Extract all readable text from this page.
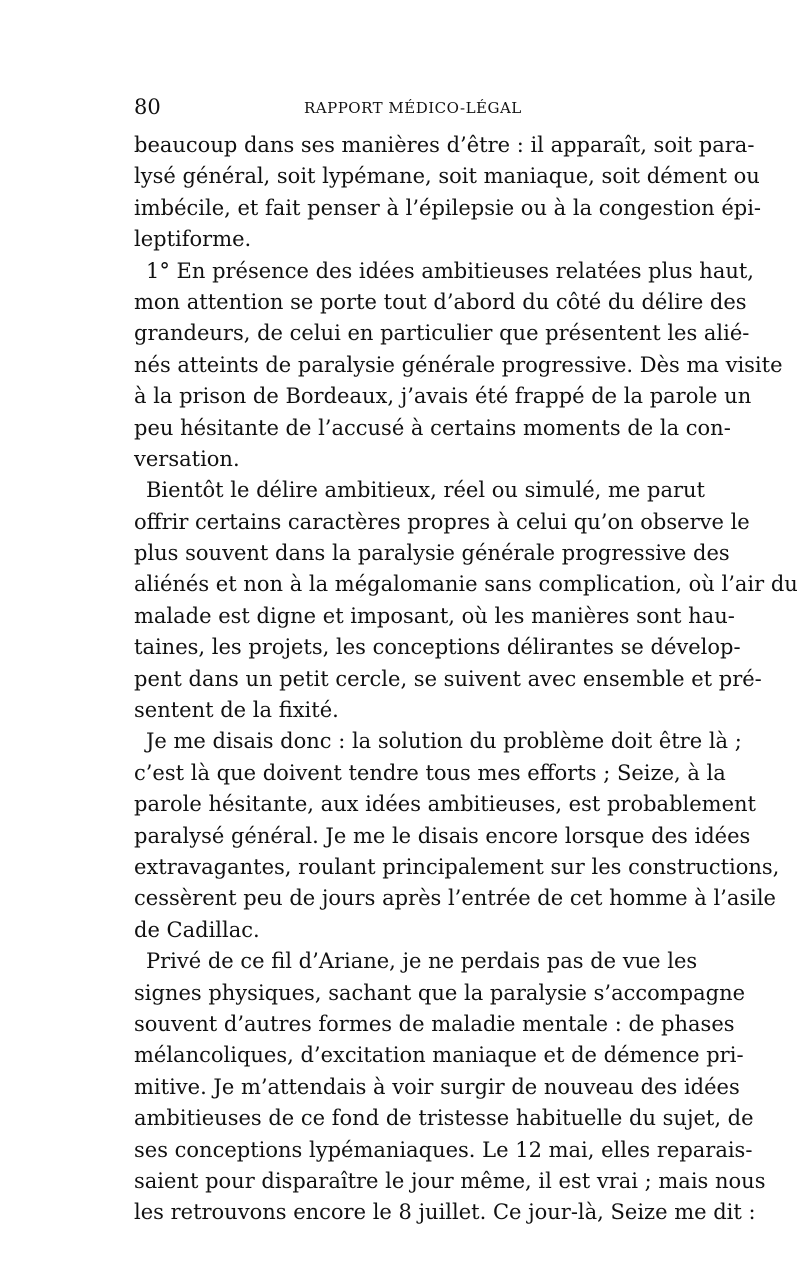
80	RAPPORT MÉDICO-LÉGAL
beaucoup dans ses manières d’être : il apparaît, soit para-
lysé général, soit lypémane, soit maniaque, soit dément ou
imbécile, et fait penser à l’épilepsie ou à la congestion épi-
leptiforme.
1° En présence des idées ambitieuses relatées plus haut,
mon attention se porte tout d’abord du côté du délire des
grandeurs, de celui en particulier que présentent les alié-
nés atteints de paralysie générale progressive. Dès ma visite
à la prison de Bordeaux, j’avais été frappé de la parole un
peu hésitante de l’accusé à certains moments de la con-
versation.
Bientôt le délire ambitieux, réel ou simulé, me parut
offrir certains caractères propres à celui qu’on observe le
plus souvent dans la paralysie générale progressive des
aliénés et non à la mégalomanie sans complication, où l’air du
malade est digne et imposant, où les manières sont hau-
taines, les projets, les conceptions délirantes se dévelop-
pent dans un petit cercle, se suivent avec ensemble et pré-
sentent de la fixité.
Je me disais donc : la solution du problème doit être là ;
c’est là que doivent tendre tous mes efforts ; Seize, à la
parole hésitante, aux idées ambitieuses, est probablement
paralysé général. Je me le disais encore lorsque des idées
extravagantes, roulant principalement sur les constructions,
cessèrent peu de jours après l’entrée de cet homme à l’asile
de Cadillac.
Privé de ce fil d’Ariane, je ne perdais pas de vue les
signes physiques, sachant que la paralysie s’accompagne
souvent d’autres formes de maladie mentale : de phases
mélancoliques, d’excitation maniaque et de démence pri-
mitive. Je m’attendais à voir surgir de nouveau des idées
ambitieuses de ce fond de tristesse habituelle du sujet, de
ses conceptions lypémaniaques. Le 12 mai, elles reparais-
saient pour disparaître le jour même, il est vrai ; mais nous
les retrouvons encore le 8 juillet. Ce jour-là, Seize me dit :
